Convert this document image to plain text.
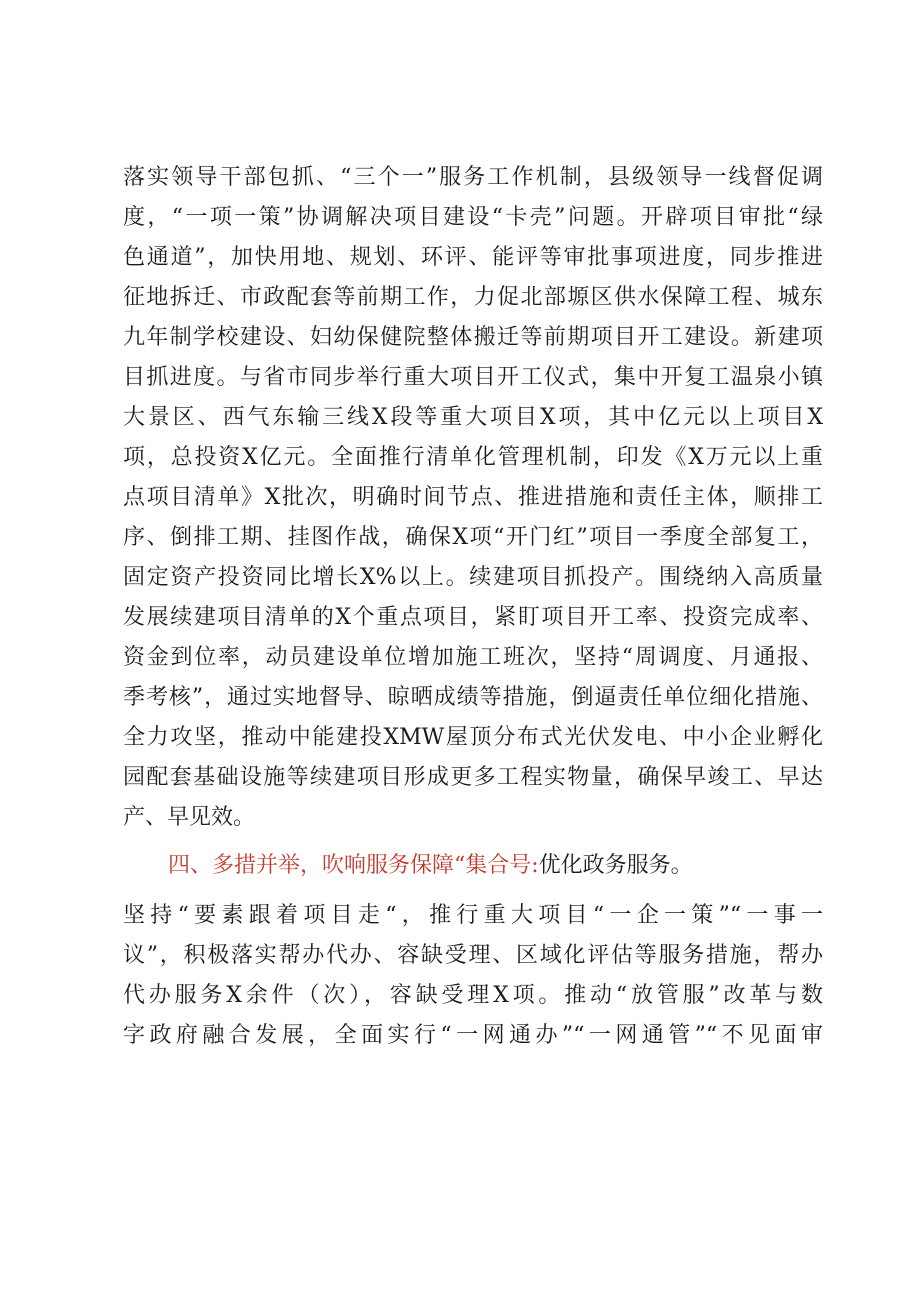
落实领导干部包抓、“三个一”服务工作机制，县级领导一线督促调
度，“一项一策”协调解决项目建设“卡壳”问题。开辟项目审批“绿
色通道”，加快用地、规划、环评、能评等审批事项进度，同步推进
征地拆迁、市政配套等前期工作，力促北部塬区供水保障工程、城东
九年制学校建设、妇幼保健院整体搬迁等前期项目开工建设。新建项
目抓进度。与省市同步举行重大项目开工仪式，集中开复工温泉小镇
大景区、西气东输三线X段等重大项目X项，其中亿元以上项目X
项，总投资X亿元。全面推行清单化管理机制，印发《X万元以上重
点项目清单》X批次，明确时间节点、推进措施和责任主体，顺排工
序、倒排工期、挂图作战，确保X项“开门红”项目一季度全部复工，
固定资产投资同比增长X%以上。续建项目抓投产。围绕纳入高质量
发展续建项目清单的X个重点项目，紧盯项目开工率、投资完成率、
资金到位率，动员建设单位增加施工班次，坚持“周调度、月通报、
季考核”，通过实地督导、晾晒成绩等措施，倒逼责任单位细化措施、
全力攻坚，推动中能建投XMW屋顶分布式光伏发电、中小企业孵化
园配套基础设施等续建项目形成更多工程实物量，确保早竣工、早达
产、早见效。
四、多措并举，吹响服务保障“集合号:优化政务服务。
坚持“要素跟着项目走“，推行重大项目“一企一策”“一事一
议”，积极落实帮办代办、容缺受理、区域化评估等服务措施，帮办
代办服务X余件（次），容缺受理X项。推动“放管服”改革与数
字政府融合发展，全面实行“一网通办”“一网通管”“不见面审
